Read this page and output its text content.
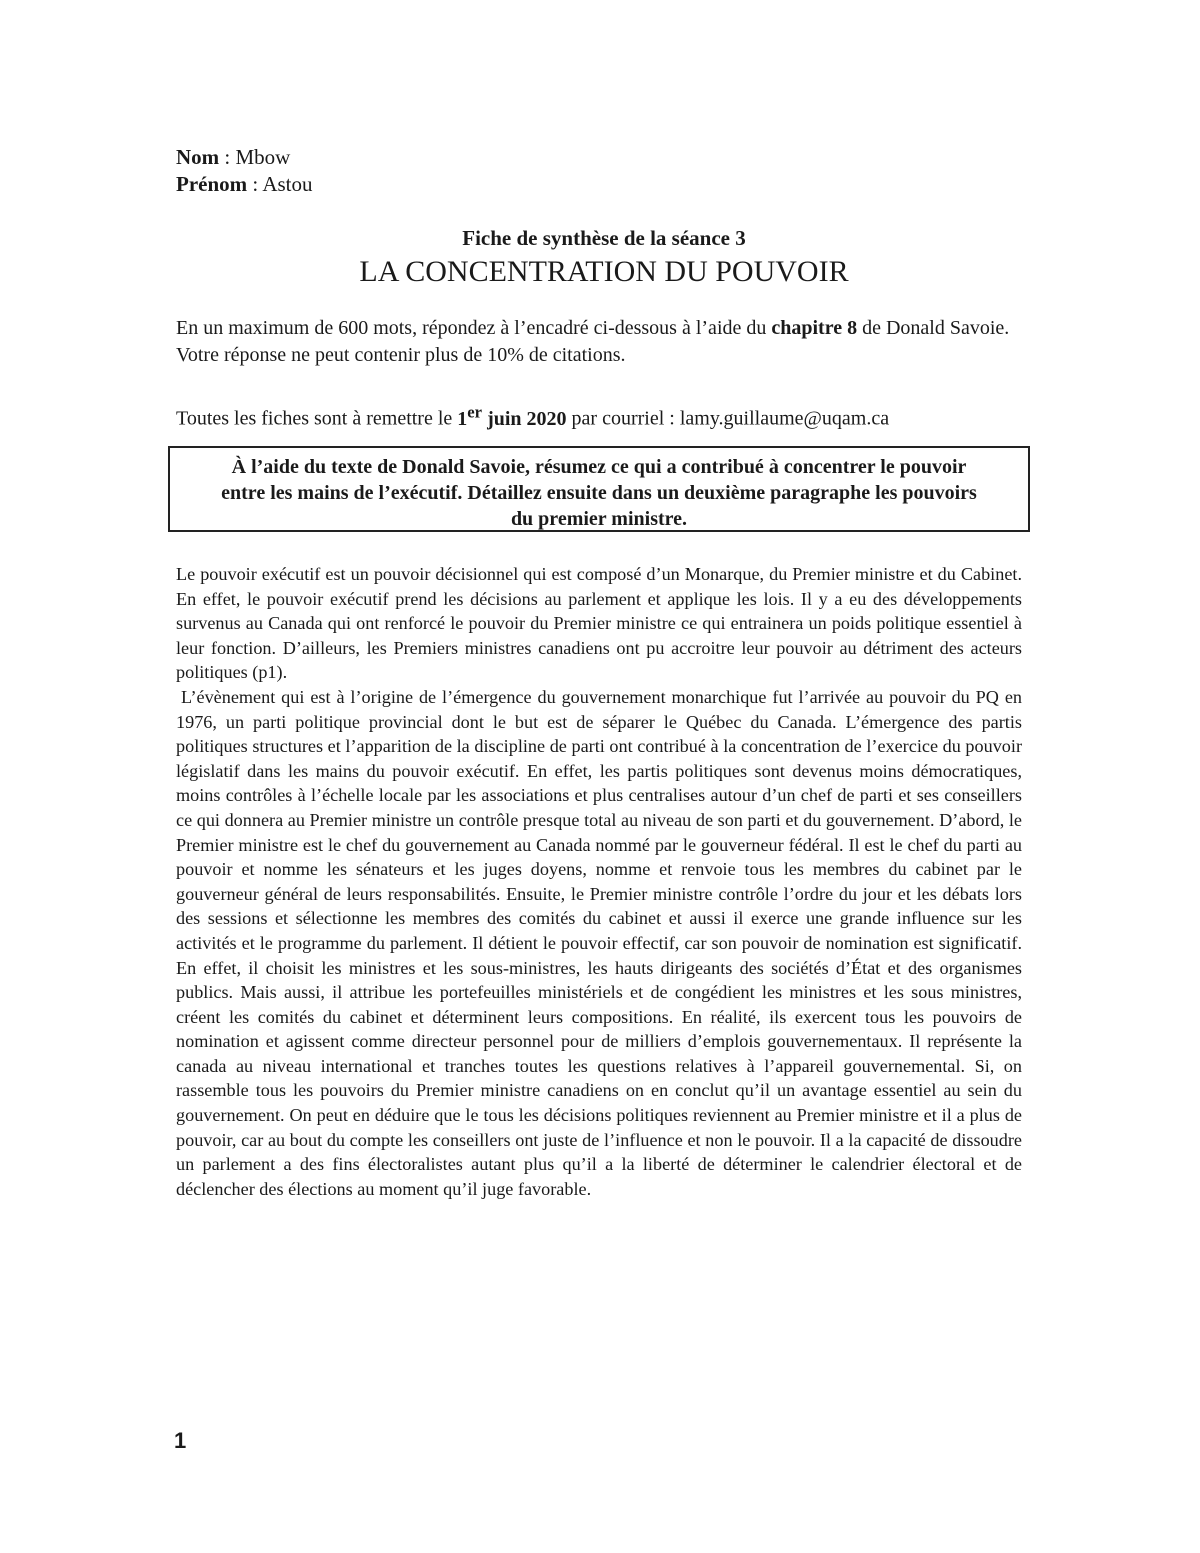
Nom : Mbow
Prénom : Astou
Fiche de synthèse de la séance 3
LA CONCENTRATION DU POUVOIR

En un maximum de 600 mots, répondez à l’encadré ci-dessous à l’aide du chapitre 8 de Donald Savoie. Votre réponse ne peut contenir plus de 10% de citations.

Toutes les fiches sont à remettre le 1er juin 2020 par courriel : lamy.guillaume@uqam.ca

À l’aide du texte de Donald Savoie, résumez ce qui a contribué à concentrer le pouvoir entre les mains de l’exécutif. Détaillez ensuite dans un deuxième paragraphe les pouvoirs du premier ministre.

Le pouvoir exécutif est un pouvoir décisionnel qui est composé d’un Monarque, du Premier ministre et du Cabinet. En effet, le pouvoir exécutif prend les décisions au parlement et applique les lois. Il y a eu des développements survenus au Canada qui ont renforcé le pouvoir du Premier ministre ce qui entrainera un poids politique essentiel à leur fonction. D’ailleurs, les Premiers ministres canadiens ont pu accroitre leur pouvoir au détriment des acteurs politiques (p1).

L’évènement qui est à l’origine de l’émergence du gouvernement monarchique fut l’arrivée au pouvoir du PQ en 1976, un parti politique provincial dont le but est de séparer le Québec du Canada. L’émergence des partis politiques structures et l’apparition de la discipline de parti ont contribué à la concentration de l’exercice du pouvoir législatif dans les mains du pouvoir exécutif. En effet, les partis politiques sont devenus moins démocratiques, moins contrôles à l’échelle locale par les associations et plus centralises autour d’un chef de parti et ses conseillers ce qui donnera au Premier ministre un contrôle presque total au niveau de son parti et du gouvernement. D’abord, le Premier ministre est le chef du gouvernement au Canada nommé par le gouverneur fédéral. Il est le chef du parti au pouvoir et nomme les sénateurs et les juges doyens, nomme et renvoie tous les membres du cabinet par le gouverneur général de leurs responsabilités. Ensuite, le Premier ministre contrôle l’ordre du jour et les débats lors des sessions et sélectionne les membres des comités du cabinet et aussi il exerce une grande influence sur les activités et le programme du parlement. Il détient le pouvoir effectif, car son pouvoir de nomination est significatif. En effet, il choisit les ministres et les sous-ministres, les hauts dirigeants des sociétés d’État et des organismes publics. Mais aussi, il attribue les portefeuilles ministériels et de congédient les ministres et les sous ministres, créent les comités du cabinet et déterminent leurs compositions. En réalité, ils exercent tous les pouvoirs de nomination et agissent comme directeur personnel pour de milliers d’emplois gouvernementaux. Il représente la canada au niveau international et tranches toutes les questions relatives à l’appareil gouvernemental. Si, on rassemble tous les pouvoirs du Premier ministre canadiens on en conclut qu’il un avantage essentiel au sein du gouvernement. On peut en déduire que le tous les décisions politiques reviennent au Premier ministre et il a plus de pouvoir, car au bout du compte les conseillers ont juste de l’influence et non le pouvoir. Il a la capacité de dissoudre un parlement a des fins électoralistes autant plus qu’il a la liberté de déterminer le calendrier électoral et de déclencher des élections au moment qu’il juge favorable.

1
